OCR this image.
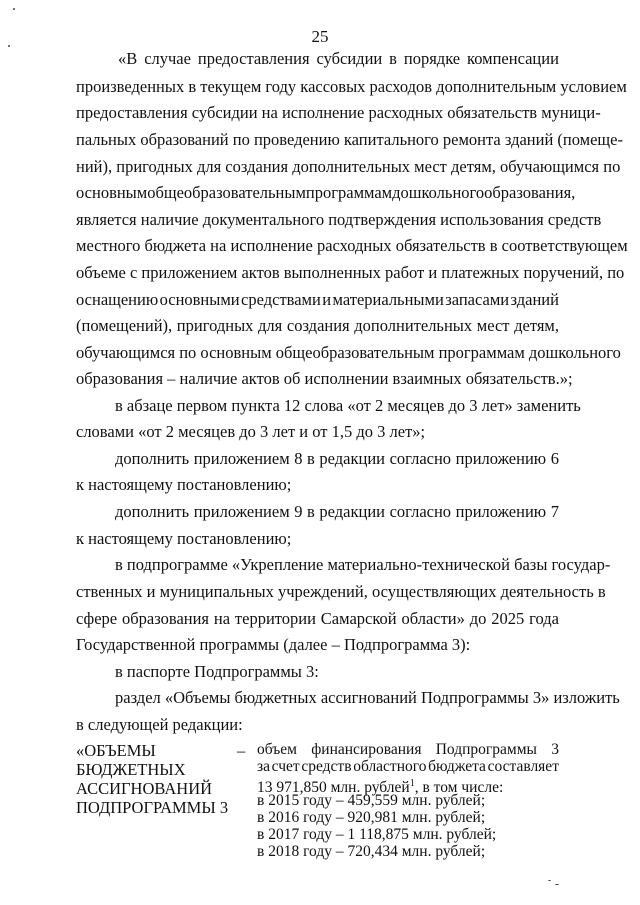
25
«В случае предоставления субсидии в порядке компенсации
произведенных в текущем году кассовых расходов дополнительным условием
предоставления субсидии на исполнение расходных обязательств муници-
пальных образований по проведению капитального ремонта зданий (помеще-
ний), пригодных для создания дополнительных мест детям, обучающимся по
основным общеобразовательным программам дошкольного образования,
является наличие документального подтверждения использования средств
местного бюджета на исполнение расходных обязательств в соответствующем
объеме с приложением актов выполненных работ и платежных поручений, по
оснащению основными средствами и материальными запасами зданий
(помещений), пригодных для создания дополнительных мест детям,
обучающимся по основным общеобразовательным программам дошкольного
образования – наличие актов об исполнении взаимных обязательств.»;
в абзаце первом пункта 12 слова «от 2 месяцев до 3 лет» заменить
словами «от 2 месяцев до 3 лет и от 1,5 до 3 лет»;
дополнить приложением 8 в редакции согласно приложению 6
к настоящему постановлению;
дополнить приложением 9 в редакции согласно приложению 7
к настоящему постановлению;
в подпрограмме «Укрепление материально-технической базы государ-
ственных и муниципальных учреждений, осуществляющих деятельность в
сфере образования на территории Самарской области» до 2025 года
Государственной программы (далее – Подпрограмма 3):
в паспорте Подпрограммы 3:
раздел «Объемы бюджетных ассигнований Подпрограммы 3» изложить
в следующей редакции:
«ОБЪЕМЫ
БЮДЖЕТНЫХ
АССИГНОВАНИЙ
ПОДПРОГРАММЫ 3
– объем финансирования Подпрограммы 3
за счет средств областного бюджета составляет
13 971,850 млн. рублей$^1$, в том числе:
в 2015 году – 459,559 млн. рублей;
в 2016 году – 920,981 млн. рублей;
в 2017 году – 1 118,875 млн. рублей;
в 2018 году – 720,434 млн. рублей;
